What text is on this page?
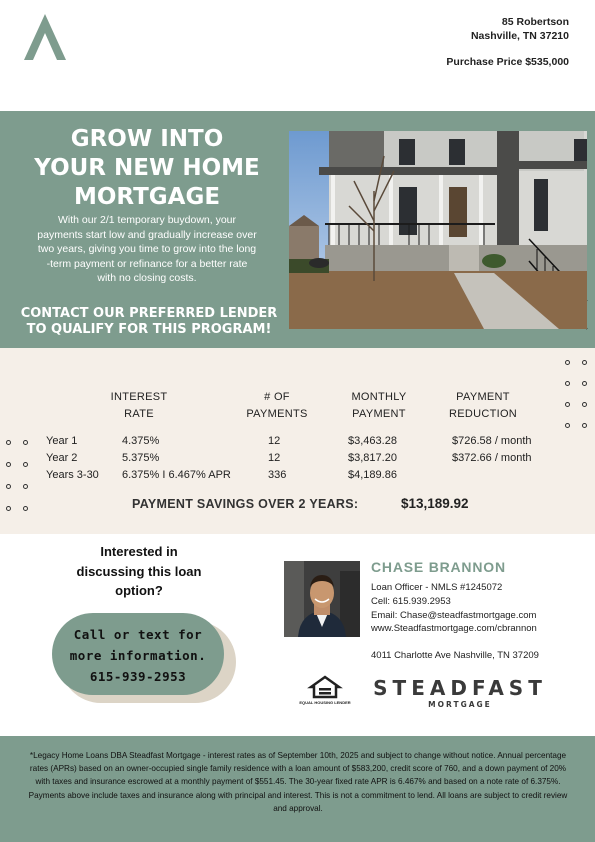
85 Robertson
Nashville, TN 37210
Purchase Price $535,000
GROW INTO
YOUR NEW HOME
MORTGAGE
With our 2/1 temporary buydown, your
payments start low and gradually increase over
two years, giving you time to grow into the long
-term payment or refinance for a better rate
with no closing costs.
CONTACT OUR PREFERRED LENDER
TO QUALIFY FOR THIS PROGRAM!
INTEREST
RATE
# OF
PAYMENTS
MONTHLY
PAYMENT
PAYMENT
REDUCTION
Year 1	4.375%	12	$3,463.28	$726.58 / month
Year 2	5.375%	12	$3,817.20	$372.66 / month
Years 3-30 6.375% I 6.467% APR	336	$4,189.86
PAYMENT SAVINGS OVER 2 YEARS:	$13,189.92
Interested in
discussing this loan
option?
Call or text for
more information.
615-939-2953
CHASE BRANNON
Loan Officer - NMLS #1245072
Cell: 615.939.2953
Email: Chase@steadfastmortgage.com
www.Steadfastmortgage.com/cbrannon
4011 Charlotte Ave Nashville, TN 37209
EQUAL HOUSING LENDER
STEADFAST
MORTGAGE

*Legacy Home Loans DBA Steadfast Mortgage - interest rates as of September 10th, 2025 and subject to change without notice. Annual percentage rates (APRs) based on an owner-occupied single family residence with a loan amount of $583,200, credit score of 760, and a down payment of 20% with taxes and insurance escrowed at a monthly payment of $551.45. The 30-year fixed rate APR is 6.467% and based on a note rate of 6.375%. Payments above include taxes and insurance along with principal and interest. This is not a commitment to lend. All loans are subject to credit review and approval.
